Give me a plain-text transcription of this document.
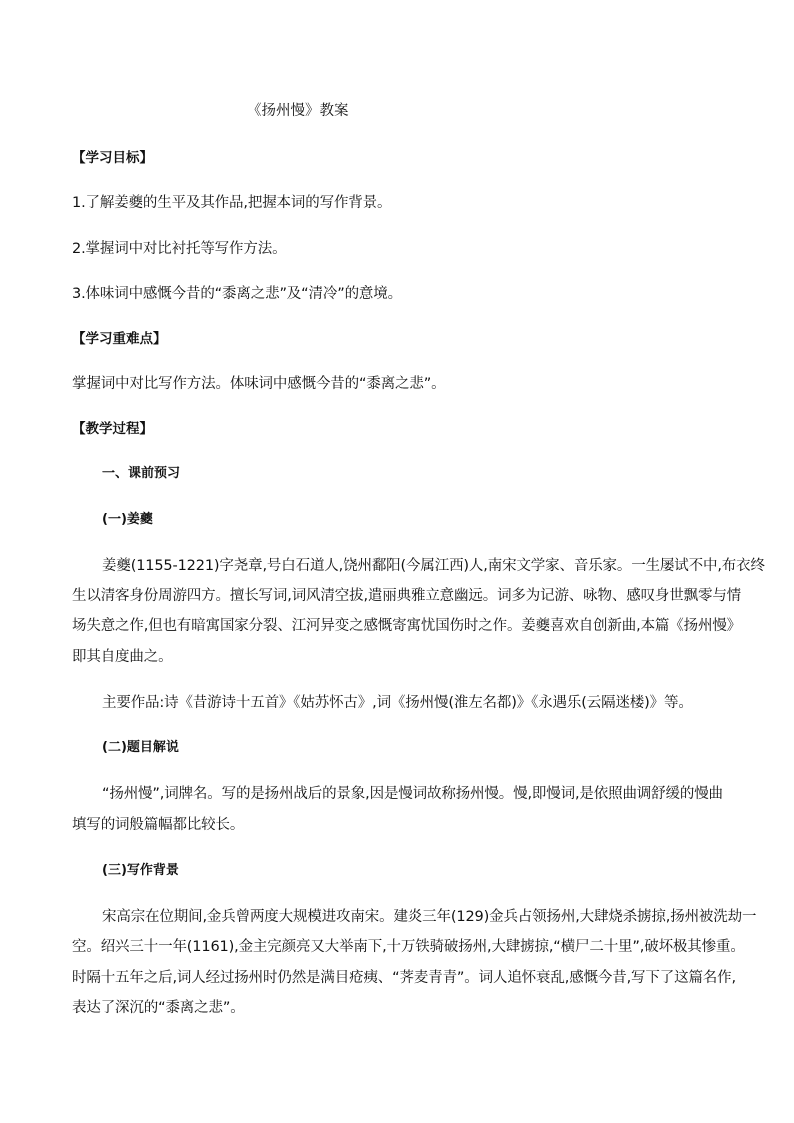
《扬州慢》教案
【学习目标】
1.了解姜夔的生平及其作品,把握本词的写作背景。
2.掌握词中对比衬托等写作方法。
3.体味词中感慨今昔的“黍离之悲”及“清冷”的意境。
【学习重难点】
掌握词中对比写作方法。体味词中感慨今昔的“黍离之悲”。
【教学过程】
一、课前预习
(一)姜夔
姜夔(1155-1221)字尧章,号白石道人,饶州鄱阳(今属江西)人,南宋文学家、音乐家。一生屡试不中,布衣终
生以清客身份周游四方。擅长写词,词风清空拔,遣丽典雅立意幽远。词多为记游、咏物、感叹身世飘零与情
场失意之作,但也有暗寓国家分裂、江河异变之感慨寄寓忧国伤时之作。姜夔喜欢自创新曲,本篇《扬州慢》
即其自度曲之。
主要作品:诗《昔游诗十五首》《姑苏怀古》,词《扬州慢(淮左名都)》《永遇乐(云隔迷楼)》等。
(二)题目解说
“扬州慢”,词牌名。写的是扬州战后的景象,因是慢词故称扬州慢。慢,即慢词,是依照曲调舒缓的慢曲
填写的词般篇幅都比较长。
(三)写作背景
宋高宗在位期间,金兵曾两度大规模进攻南宋。建炎三年(129)金兵占领扬州,大肆烧杀掳掠,扬州被洗劫一
空。绍兴三十一年(1161),金主完颜亮又大举南下,十万铁骑破扬州,大肆掳掠,“横尸二十里”,破坏极其惨重。
时隔十五年之后,词人经过扬州时仍然是满目疮痍、“荠麦青青”。词人追怀衰乱,感慨今昔,写下了这篇名作,
表达了深沉的“黍离之悲”。
